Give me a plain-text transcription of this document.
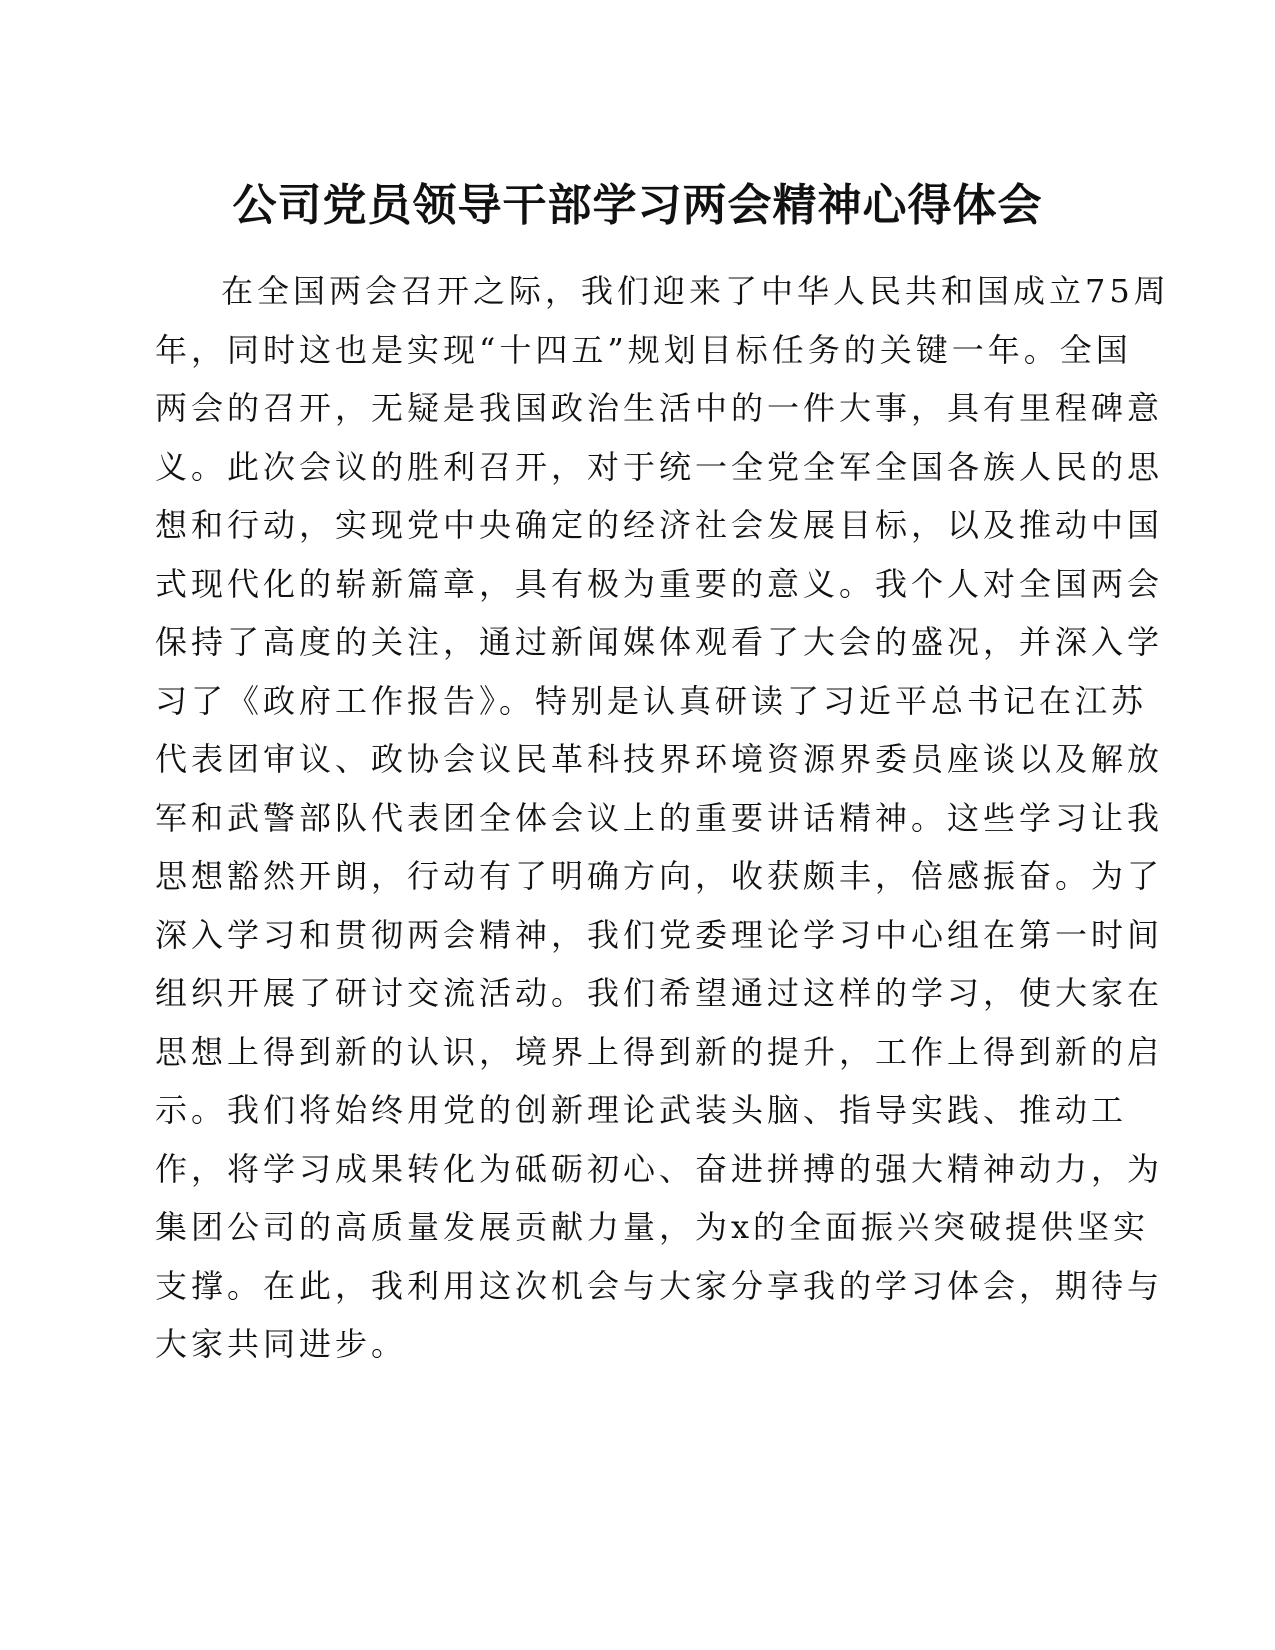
公司党员领导干部学习两会精神心得体会
在全国两会召开之际，我们迎来了中华人民共和国成立75周
年，同时这也是实现“十四五”规划目标任务的关键一年。全国
两会的召开，无疑是我国政治生活中的一件大事，具有里程碑意
义。此次会议的胜利召开，对于统一全党全军全国各族人民的思
想和行动，实现党中央确定的经济社会发展目标，以及推动中国
式现代化的崭新篇章，具有极为重要的意义。我个人对全国两会
保持了高度的关注，通过新闻媒体观看了大会的盛况，并深入学
习了《政府工作报告》。特别是认真研读了习近平总书记在江苏
代表团审议、政协会议民革科技界环境资源界委员座谈以及解放
军和武警部队代表团全体会议上的重要讲话精神。这些学习让我
思想豁然开朗，行动有了明确方向，收获颇丰，倍感振奋。为了
深入学习和贯彻两会精神，我们党委理论学习中心组在第一时间
组织开展了研讨交流活动。我们希望通过这样的学习，使大家在
思想上得到新的认识，境界上得到新的提升，工作上得到新的启
示。我们将始终用党的创新理论武装头脑、指导实践、推动工
作，将学习成果转化为砥砺初心、奋进拼搏的强大精神动力，为
集团公司的高质量发展贡献力量，为x的全面振兴突破提供坚实
支撑。在此，我利用这次机会与大家分享我的学习体会，期待与
大家共同进步。
